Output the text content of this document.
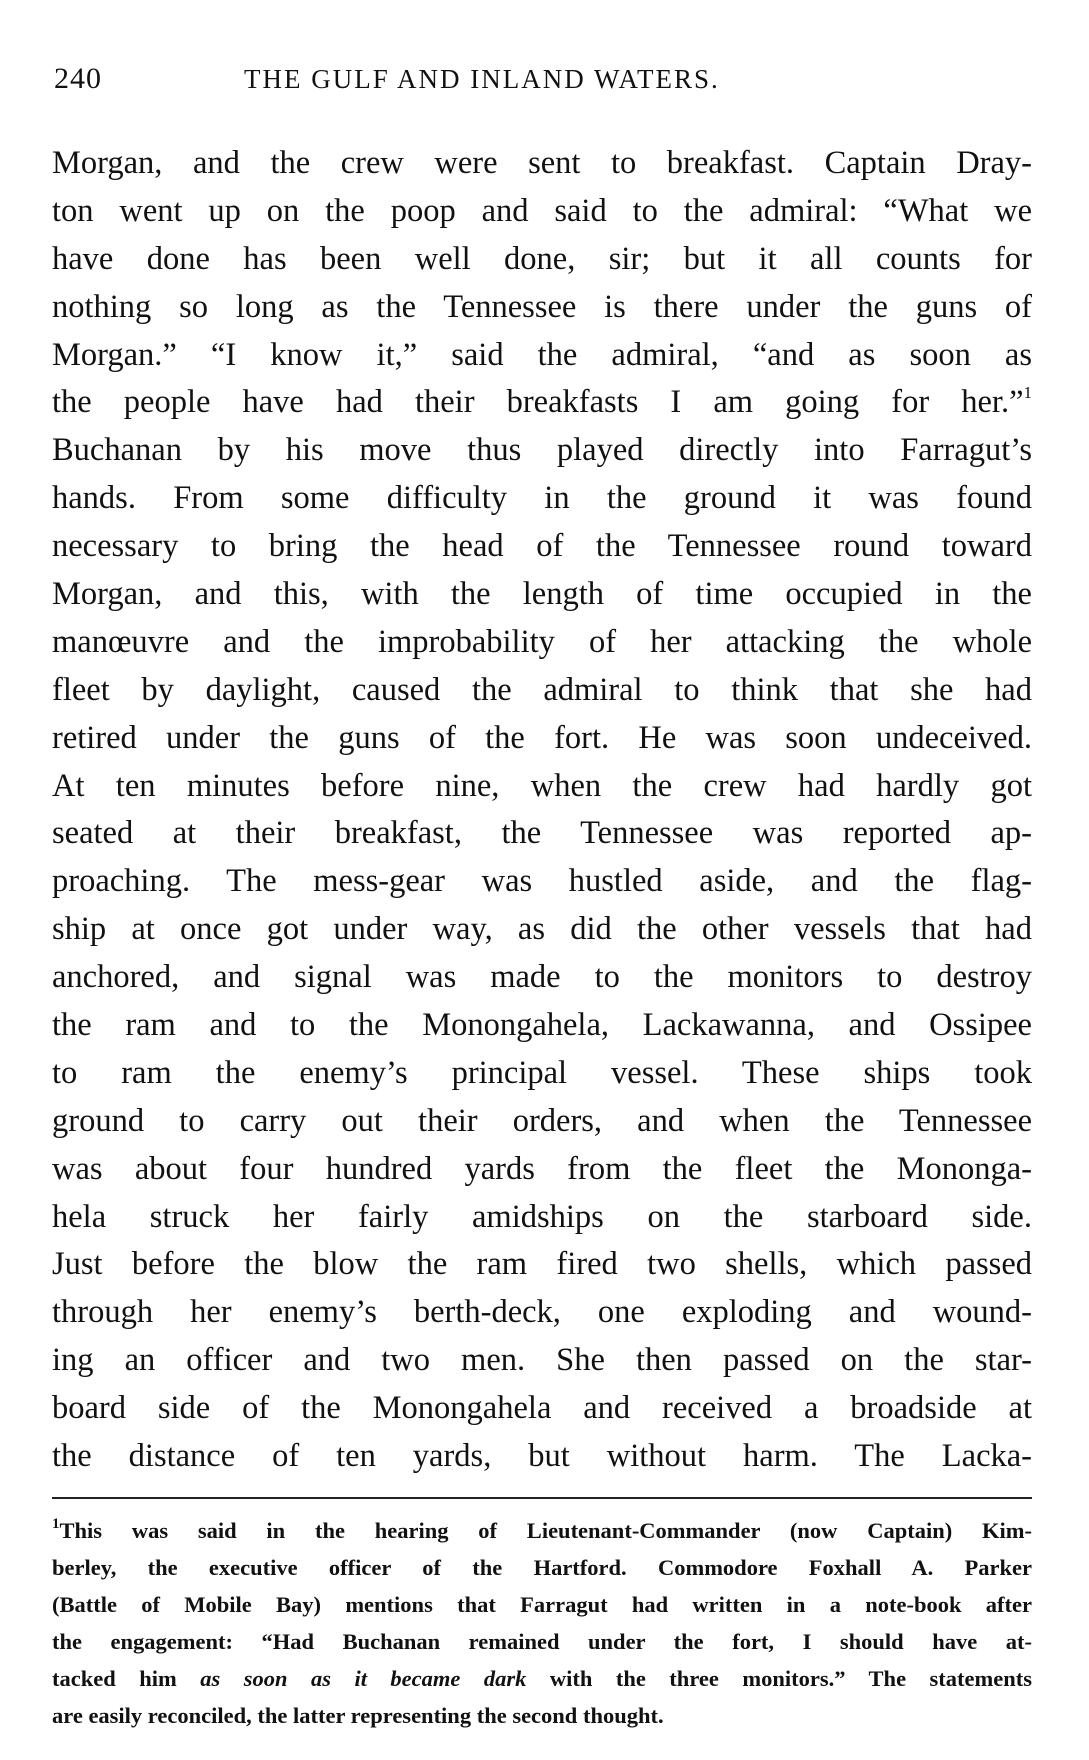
240	THE GULF AND INLAND WATERS.
Morgan, and the crew were sent to breakfast. Captain Dray-
ton went up on the poop and said to the admiral: “What we
have done has been well done, sir; but it all counts for
nothing so long as the Tennessee is there under the guns of
Morgan.” “I know it,” said the admiral, “and as soon as
the people have had their breakfasts I am going for her.”$^1$
Buchanan by his move thus played directly into Farragut’s
hands. From some difficulty in the ground it was found
necessary to bring the head of the Tennessee round toward
Morgan, and this, with the length of time occupied in the
manœuvre and the improbability of her attacking the whole
fleet by daylight, caused the admiral to think that she had
retired under the guns of the fort. He was soon undeceived.
At ten minutes before nine, when the crew had hardly got
seated at their breakfast, the Tennessee was reported ap-
proaching. The mess-gear was hustled aside, and the flag-
ship at once got under way, as did the other vessels that had
anchored, and signal was made to the monitors to destroy
the ram and to the Monongahela, Lackawanna, and Ossipee
to ram the enemy’s principal vessel. These ships took
ground to carry out their orders, and when the Tennessee
was about four hundred yards from the fleet the Mononga-
hela struck her fairly amidships on the starboard side.
Just before the blow the ram fired two shells, which passed
through her enemy’s berth-deck, one exploding and wound-
ing an officer and two men. She then passed on the star-
board side of the Monongahela and received a broadside at
the distance of ten yards, but without harm. The Lacka-
$^1$This was said in the hearing of Lieutenant-Commander (now Captain) Kim-
berley, the executive officer of the Hartford. Commodore Foxhall A. Parker
(Battle of Mobile Bay) mentions that Farragut had written in a note-book after
the engagement: “Had Buchanan remained under the fort, I should have at-
tacked him as soon as it became dark with the three monitors.” The statements
are easily reconciled, the latter representing the second thought.
